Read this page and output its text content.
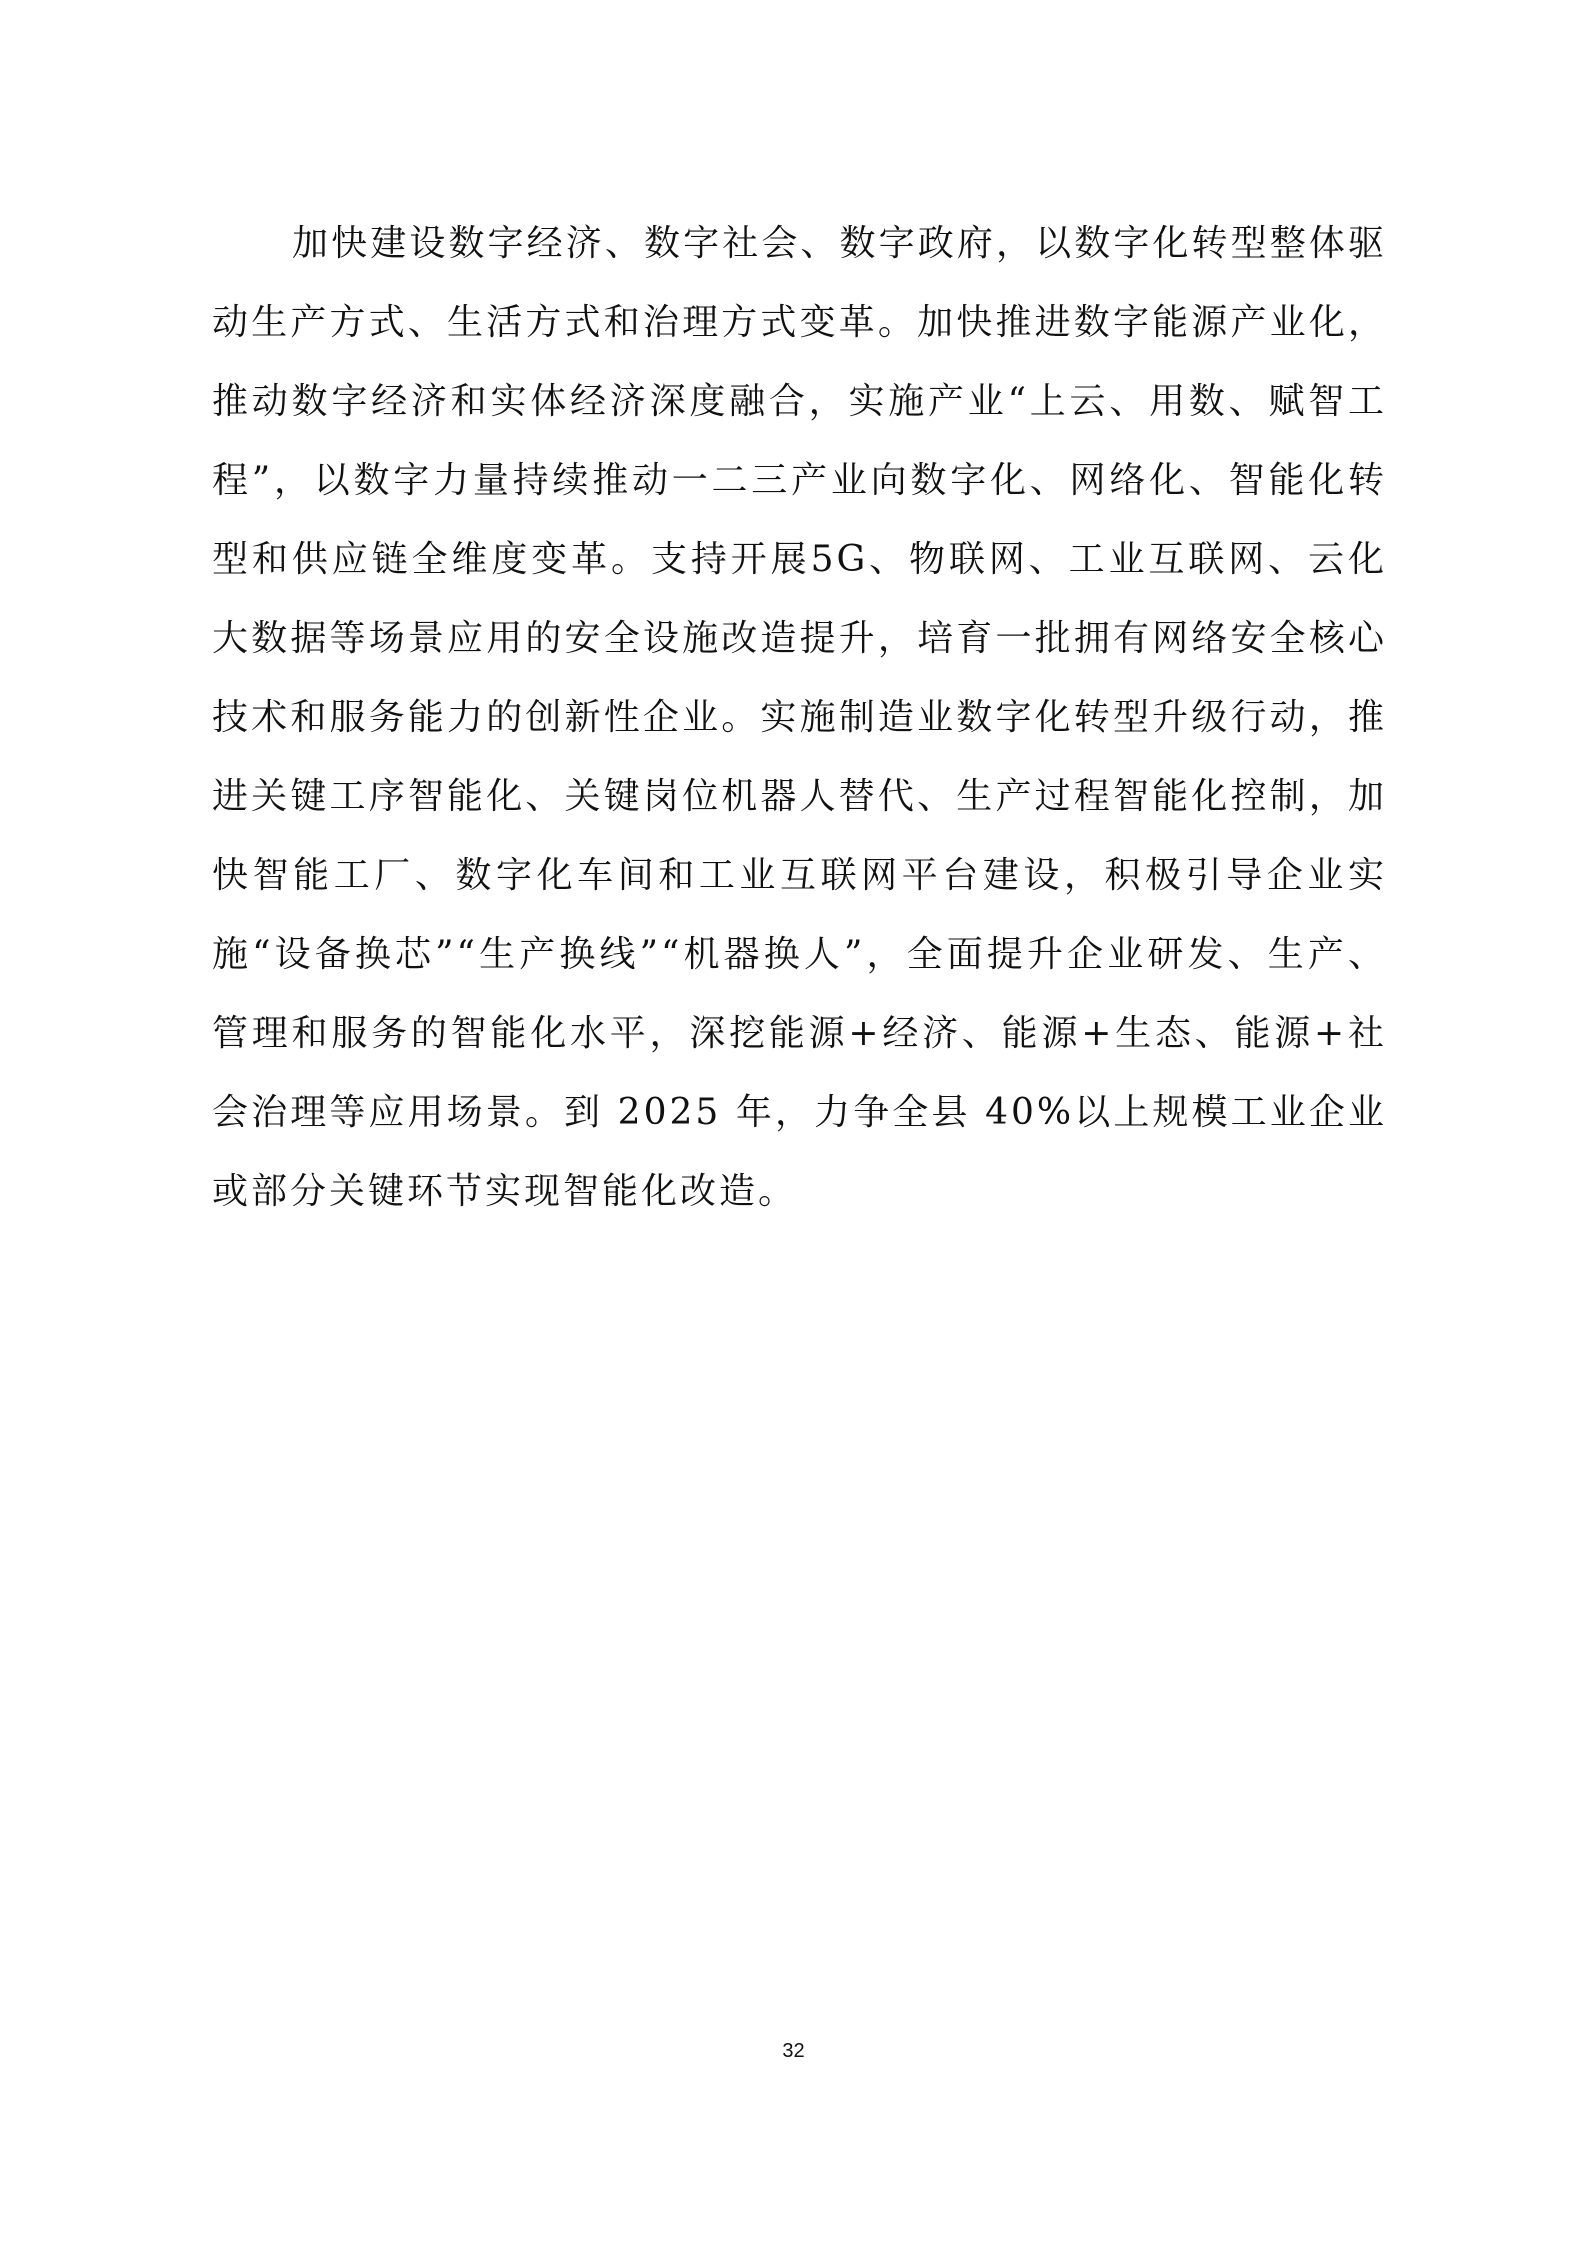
加快建设数字经济、数字社会、数字政府，以数字化转型整体驱动生产方式、生活方式和治理方式变革。加快推进数字能源产业化，推动数字经济和实体经济深度融合，实施产业“上云、用数、赋智工程”，以数字力量持续推动一二三产业向数字化、网络化、智能化转型和供应链全维度变革。支持开展5G、物联网、工业互联网、云化大数据等场景应用的安全设施改造提升，培育一批拥有网络安全核心技术和服务能力的创新性企业。实施制造业数字化转型升级行动，推进关键工序智能化、关键岗位机器人替代、生产过程智能化控制，加快智能工厂、数字化车间和工业互联网平台建设，积极引导企业实施“设备换芯”“生产换线”“机器换人”，全面提升企业研发、生产、管理和服务的智能化水平，深挖能源+经济、能源+生态、能源+社会治理等应用场景。到 2025 年，力争全县 40%以上规模工业企业或部分关键环节实现智能化改造。

32
